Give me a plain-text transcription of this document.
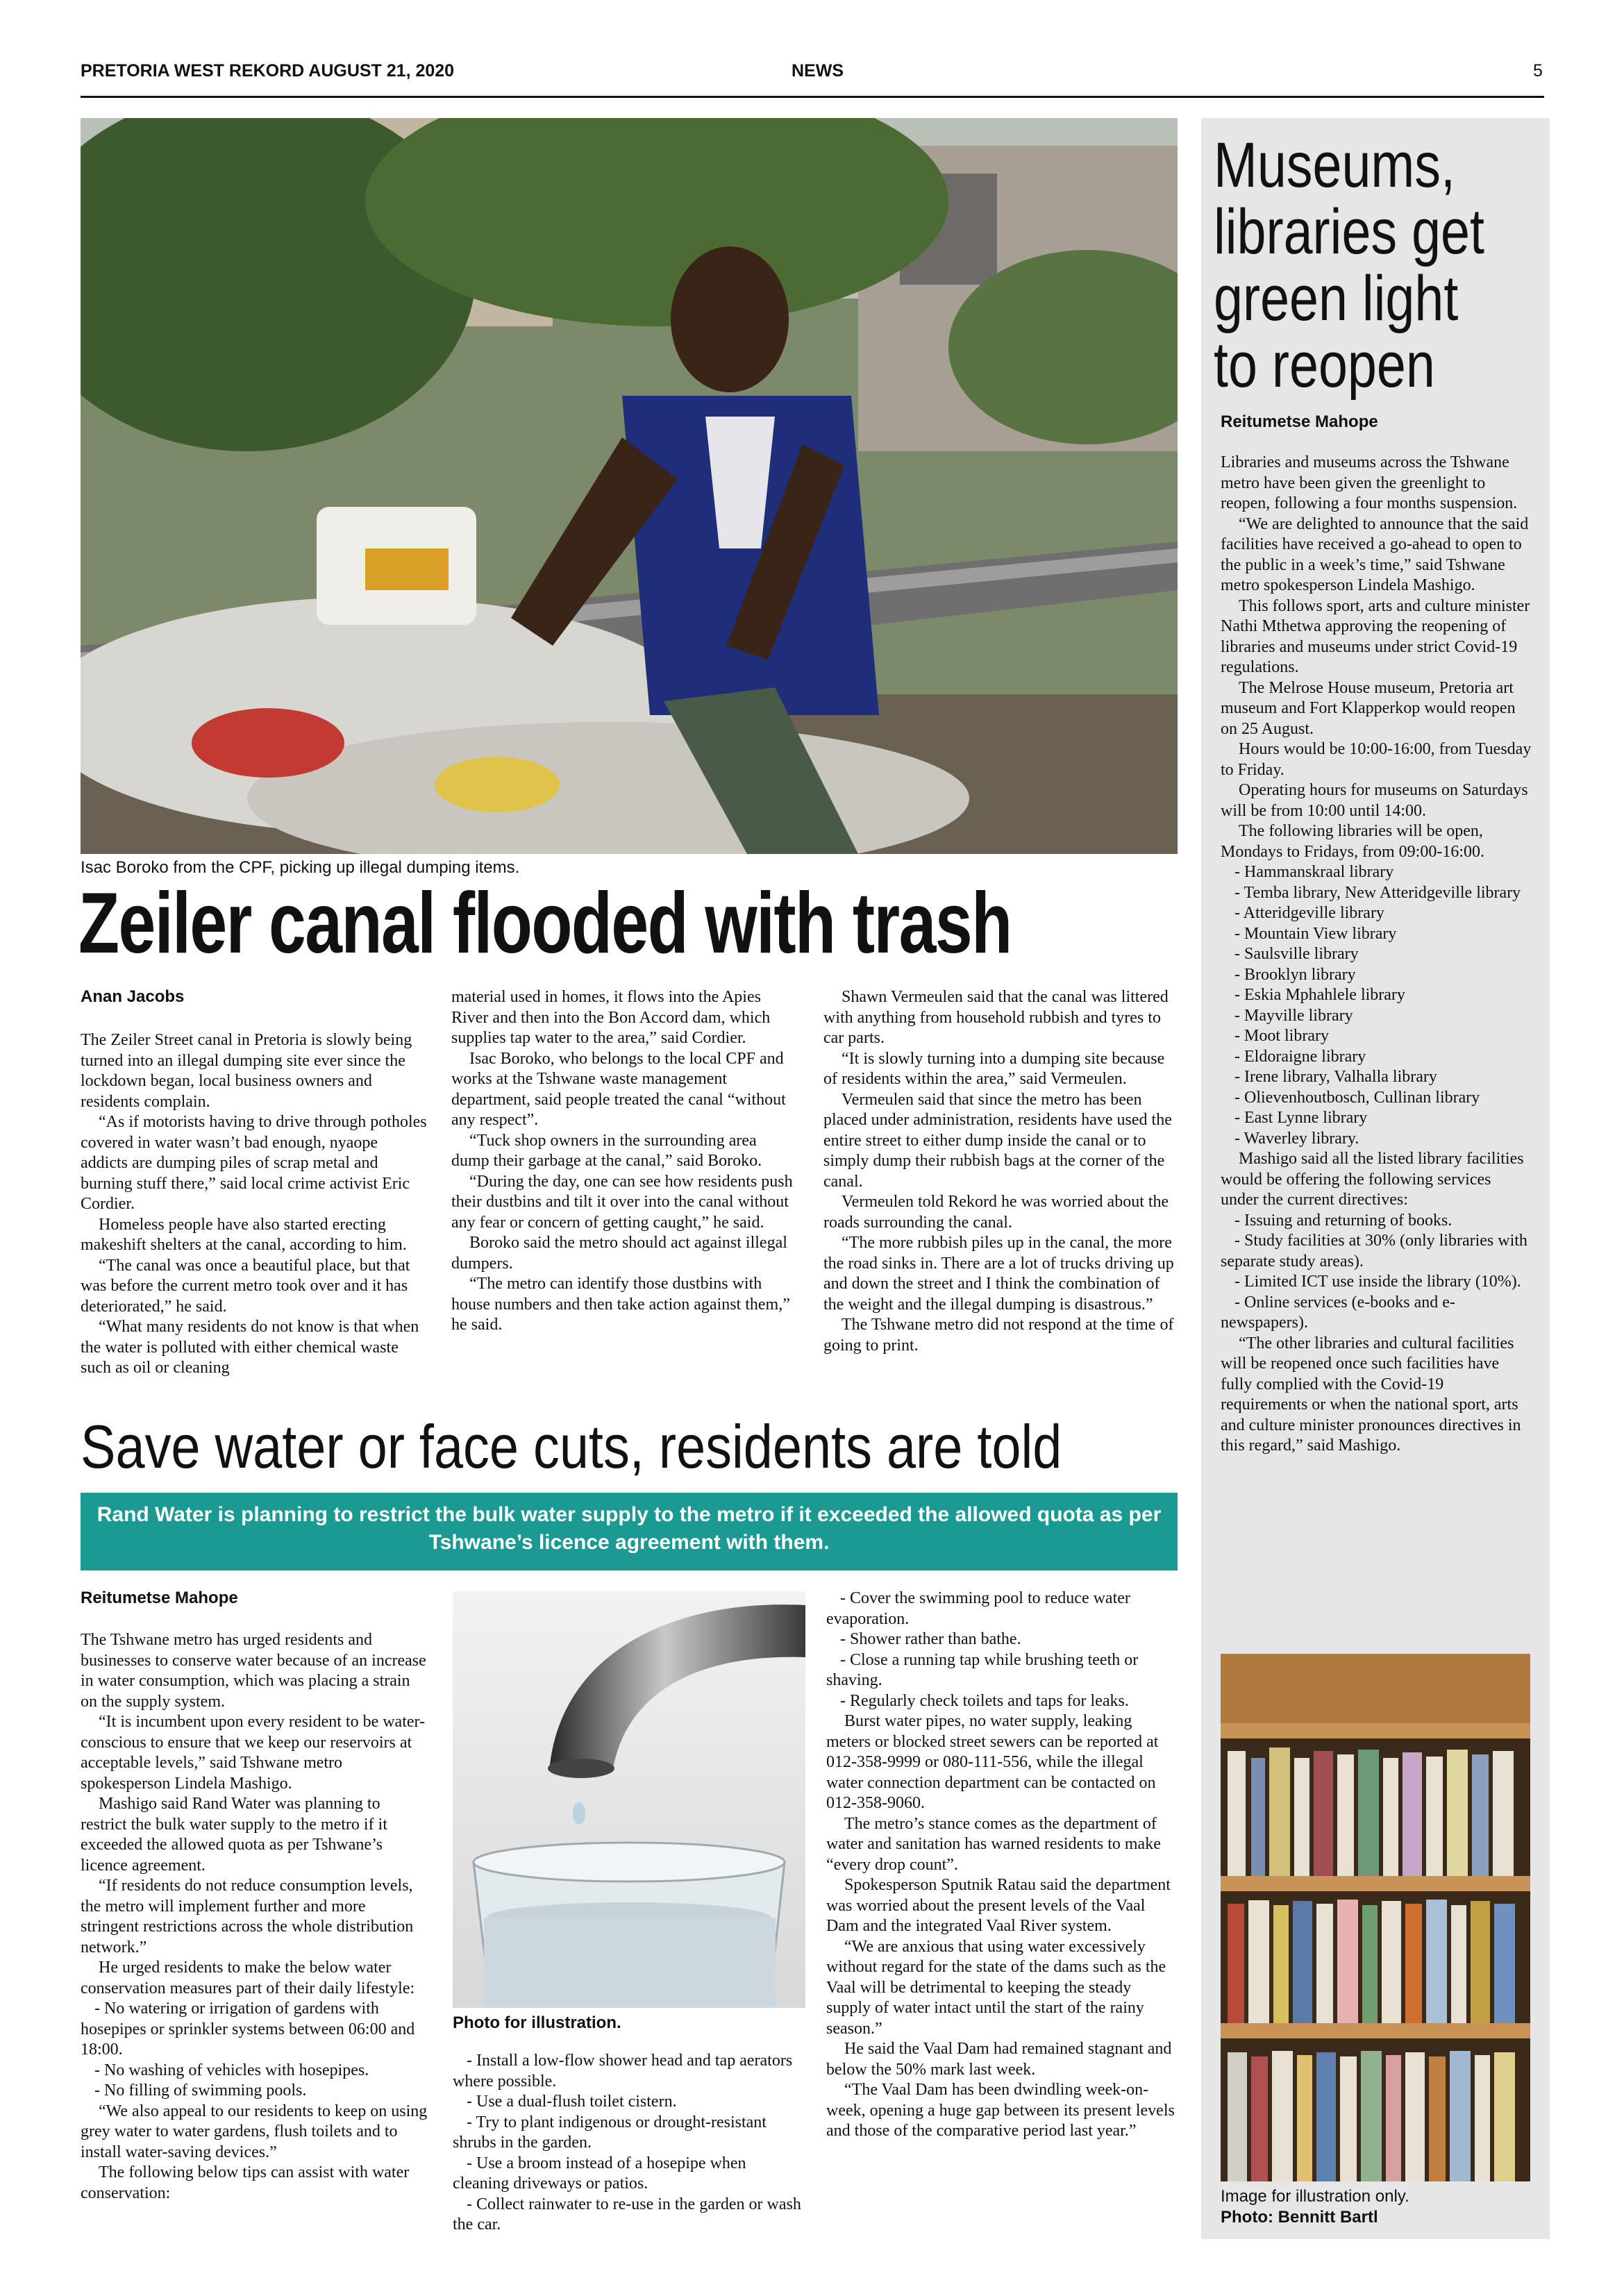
PRETORIA WEST REKORD AUGUST 21, 2020	NEWS	5
Isac Boroko from the CPF, picking up illegal dumping items.
Zeiler canal flooded with trash
Anan Jacobs

The Zeiler Street canal in Pretoria is slowly being turned into an illegal dumping site ever since the lockdown began, local business owners and residents complain.

“As if motorists having to drive through potholes covered in water wasn’t bad enough, nyaope addicts are dumping piles of scrap metal and burning stuff there,” said local crime activist Eric Cordier.

Homeless people have also started erecting makeshift shelters at the canal, according to him.

“The canal was once a beautiful place, but that was before the current metro took over and it has deteriorated,” he said.

“What many residents do not know is that when the water is polluted with either chemical waste such as oil or cleaning

material used in homes, it flows into the Apies River and then into the Bon Accord dam, which supplies tap water to the area,” said Cordier.

Isac Boroko, who belongs to the local CPF and works at the Tshwane waste management department, said people treated the canal “without any respect”.

“Tuck shop owners in the surrounding area dump their garbage at the canal,” said Boroko.

“During the day, one can see how residents push their dustbins and tilt it over into the canal without any fear or concern of getting caught,” he said.

Boroko said the metro should act against illegal dumpers.

“The metro can identify those dustbins with house numbers and then take action against them,” he said.

Shawn Vermeulen said that the canal was littered with anything from household rubbish and tyres to car parts.

“It is slowly turning into a dumping site because of residents within the area,” said Vermeulen.

Vermeulen said that since the metro has been placed under administration, residents have used the entire street to either dump inside the canal or to simply dump their rubbish bags at the corner of the canal.

Vermeulen told Rekord he was worried about the roads surrounding the canal.

“The more rubbish piles up in the canal, the more the road sinks in. There are a lot of trucks driving up and down the street and I think the combination of the weight and the illegal dumping is disastrous.”

The Tshwane metro did not respond at the time of going to print.

Save water or face cuts, residents are told
Rand Water is planning to restrict the bulk water supply to the metro if it exceeded the allowed quota as per Tshwane’s licence agreement with them.
Reitumetse Mahope

The Tshwane metro has urged residents and businesses to conserve water because of an increase in water consumption, which was placing a strain on the supply system.

“It is incumbent upon every resident to be water-conscious to ensure that we keep our reservoirs at acceptable levels,” said Tshwane metro spokesperson Lindela Mashigo.

Mashigo said Rand Water was planning to restrict the bulk water supply to the metro if it exceeded the allowed quota as per Tshwane’s licence agreement.

“If residents do not reduce consumption levels, the metro will implement further and more stringent restrictions across the whole distribution network.”

He urged residents to make the below water conservation measures part of their daily lifestyle:

- No watering or irrigation of gardens with hosepipes or sprinkler systems between 06:00 and 18:00.

- No washing of vehicles with hosepipes.

- No filling of swimming pools.

“We also appeal to our residents to keep on using grey water to water gardens, flush toilets and to install water-saving devices.”

The following below tips can assist with water conservation:

Photo for illustration.

- Install a low-flow shower head and tap aerators where possible.

- Use a dual-flush toilet cistern.

- Try to plant indigenous or drought-resistant shrubs in the garden.

- Use a broom instead of a hosepipe when cleaning driveways or patios.

- Collect rainwater to re-use in the garden or wash the car.

- Cover the swimming pool to reduce water evaporation.

- Shower rather than bathe.

- Close a running tap while brushing teeth or shaving.

- Regularly check toilets and taps for leaks.

Burst water pipes, no water supply, leaking meters or blocked street sewers can be reported at 012-358-9999 or 080-111-556, while the illegal water connection department can be contacted on 012-358-9060.

The metro’s stance comes as the department of water and sanitation has warned residents to make “every drop count”.

Spokesperson Sputnik Ratau said the department was worried about the present levels of the Vaal Dam and the integrated Vaal River system.

“We are anxious that using water excessively without regard for the state of the dams such as the Vaal will be detrimental to keeping the steady supply of water intact until the start of the rainy season.”

He said the Vaal Dam had remained stagnant and below the 50% mark last week.

“The Vaal Dam has been dwindling week-on-week, opening a huge gap between its present levels and those of the comparative period last year.”

Museums,
libraries get
green light
to reopen
Reitumetse Mahope

Libraries and museums across the Tshwane metro have been given the greenlight to reopen, following a four months suspension.

“We are delighted to announce that the said facilities have received a go-ahead to open to the public in a week’s time,” said Tshwane metro spokesperson Lindela Mashigo.

This follows sport, arts and culture minister Nathi Mthetwa approving the reopening of libraries and museums under strict Covid-19 regulations.

The Melrose House museum, Pretoria art museum and Fort Klapperkop would reopen on 25 August.

Hours would be 10:00-16:00, from Tuesday to Friday.

Operating hours for museums on Saturdays will be from 10:00 until 14:00.

The following libraries will be open, Mondays to Fridays, from 09:00-16:00.

- Hammanskraal library

- Temba library, New Atteridgeville library

- Atteridgeville library

- Mountain View library

- Saulsville library

- Brooklyn library

- Eskia Mphahlele library

- Mayville library

- Moot library

- Eldoraigne library

- Irene library, Valhalla library

- Olievenhoutbosch, Cullinan library

- East Lynne library

- Waverley library.

Mashigo said all the listed library facilities would be offering the following services under the current directives:

- Issuing and returning of books.

- Study facilities at 30% (only libraries with separate study areas).

- Limited ICT use inside the library (10%).

- Online services (e-books and e-newspapers).

“The other libraries and cultural facilities will be reopened once such facilities have fully complied with the Covid-19 requirements or when the national sport, arts and culture minister pronounces directives in this regard,” said Mashigo.

Image for illustration only.
Photo: Bennitt Bartl
